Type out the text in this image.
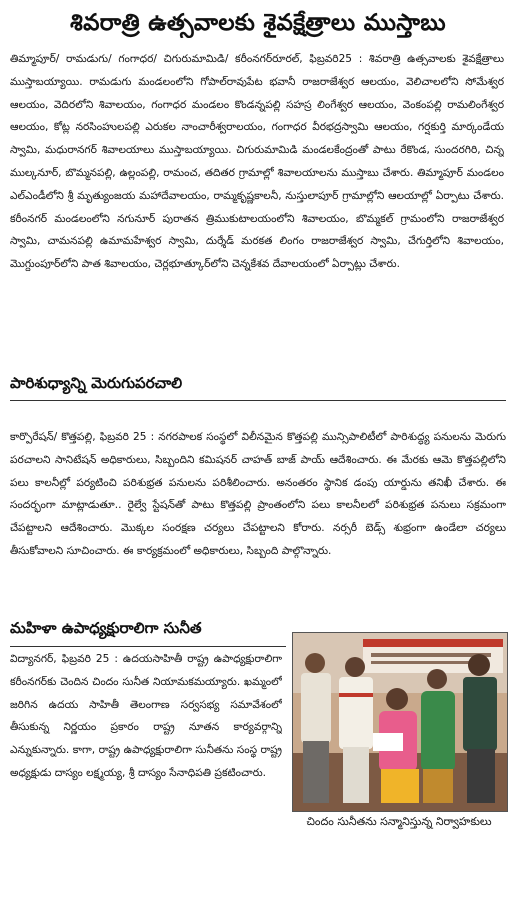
శివరాత్రి ఉత్సవాలకు శైవక్షేత్రాలు ముస్తాబు

తిమ్మాపూర్/ రామడుగు/ గంగాధర/ చిగురుమామిడి/ కరీంనగర్‌రూరల్, ఫిబ్రవరి25 : శివరాత్రి ఉత్సవాలకు శైవక్షేత్రాలు ముస్తాబయ్యాయి. రామడుగు మండలంలోని గోపాల్‌రావుపేట భవానీ రాజరాజేశ్వర ఆలయం, వెలిచాలలోని సోమేశ్వర ఆలయం, వెదిరలోని శివాలయం, గంగాధర మండలం కొండన్నపల్లి సహస్ర లింగేశ్వర ఆలయం, వెంకంపల్లి రామలింగేశ్వర ఆలయం, కోట్ల నరసింహులపల్లి ఎరుకల నాంచారీశ్వరాలయం, గంగాధర వీరభద్రస్వామి ఆలయం, గర్షకుర్తి మార్కండేయ స్వామి, మధురానగర్ శివాలయాలు ముస్తాబయ్యాయి. చిగురుమామిడి మండలకేంద్రంతో పాటు రేకొండ, సుందరగిరి, చిన్న ముల్కనూర్, బొమ్మనపల్లి, ఉల్లంపల్లి, రామంచ, తదితర గ్రామాల్లో శివాలయాలను ముస్తాబు చేశారు. తిమ్మాపూర్ మండలం ఎల్‌ఎండీలోని శ్రీ మృత్యుంజయ మహాదేవాలయం, రామ్మకృష్ణకాలనీ, నుస్తులాపూర్ గ్రామాల్లోని ఆలయాల్లో ఏర్పాటు చేశారు. కరీంనగర్ మండలంలోని నగునూర్ పురాతన త్రిముకుటాలయంలోని శివాలయం, బొమ్మకల్ గ్రామంలోని రాజరాజేశ్వర స్వామి, చామనపల్లి ఉమామహేశ్వర స్వామి, దుర్శేడ్ మరకత లింగం రాజరాజేశ్వర స్వామి, చేగుర్తిలోని శివాలయం, మొగ్దుంపూర్‌లోని పాత శివాలయం, చెర్లభూత్కూర్‌లోని చెన్నకేశవ దేవాలయంలో ఏర్పాట్లు చేశారు.

పారిశుధ్యాన్ని మెరుగుపరచాలి

కార్పొరేషన్/ కొత్తపల్లి, ఫిబ్రవరి 25 : నగరపాలక సంస్థలో విలీనమైన కొత్తపల్లి మున్సిపాలిటీలో పారిశుద్ధ్య పనులను మెరుగు పరచాలని సానిటేషన్ అధికారులు, సిబ్బందిని కమిషనర్ చాహత్ బాజ్ పాయ్ ఆదేశించారు. ఈ మేరకు ఆమె కొత్తపల్లిలోని పలు కాలనీల్లో పర్యటించి పరిశుభ్రత పనులను పరిశీలించారు. అనంతరం స్థానిక డంపు యార్డును తనిఖీ చేశారు. ఈ సందర్భంగా మాట్లాడుతూ.. రైల్వే స్టేషన్‌తో పాటు కొత్తపల్లి ప్రాంతంలోని పలు కాలనీలలో పరిశుభ్రత పనులు సక్రమంగా చేపట్టాలని ఆదేశించారు. మొక్కల సంరక్షణ చర్యలు చేపట్టాలని కోరారు. నర్సరీ బెడ్స్ శుభ్రంగా ఉండేలా చర్యలు తీసుకోవాలని సూచించారు. ఈ కార్యక్రమంలో అధికారులు, సిబ్బంది పాల్గొన్నారు.

మహిళా ఉపాధ్యక్షురాలిగా సునీత

విద్యానగర్, ఫిబ్రవరి 25 : ఉదయసాహితీ రాష్ట్ర ఉపాధ్యక్షురాలిగా కరీంనగర్‌కు చెందిన చిందం సునీత నియామకమయ్యారు. ఖమ్మంలో జరిగిన ఉదయ సాహితీ తెలంగాణ సర్వసభ్య సమావేశంలో తీసుకున్న నిర్ణయం ప్రకారం రాష్ట్ర నూతన కార్యవర్గాన్ని ఎన్నుకున్నారు. కాగా, రాష్ట్ర ఉపాధ్యక్షురాలిగా సునీతను సంస్థ రాష్ట్ర అధ్యక్షుడు దాస్యం లక్ష్మయ్య, శ్రీ దాస్యం సేనాధిపతి ప్రకటించారు.

చిందం సునీతను సన్మానిస్తున్న నిర్వాహకులు
